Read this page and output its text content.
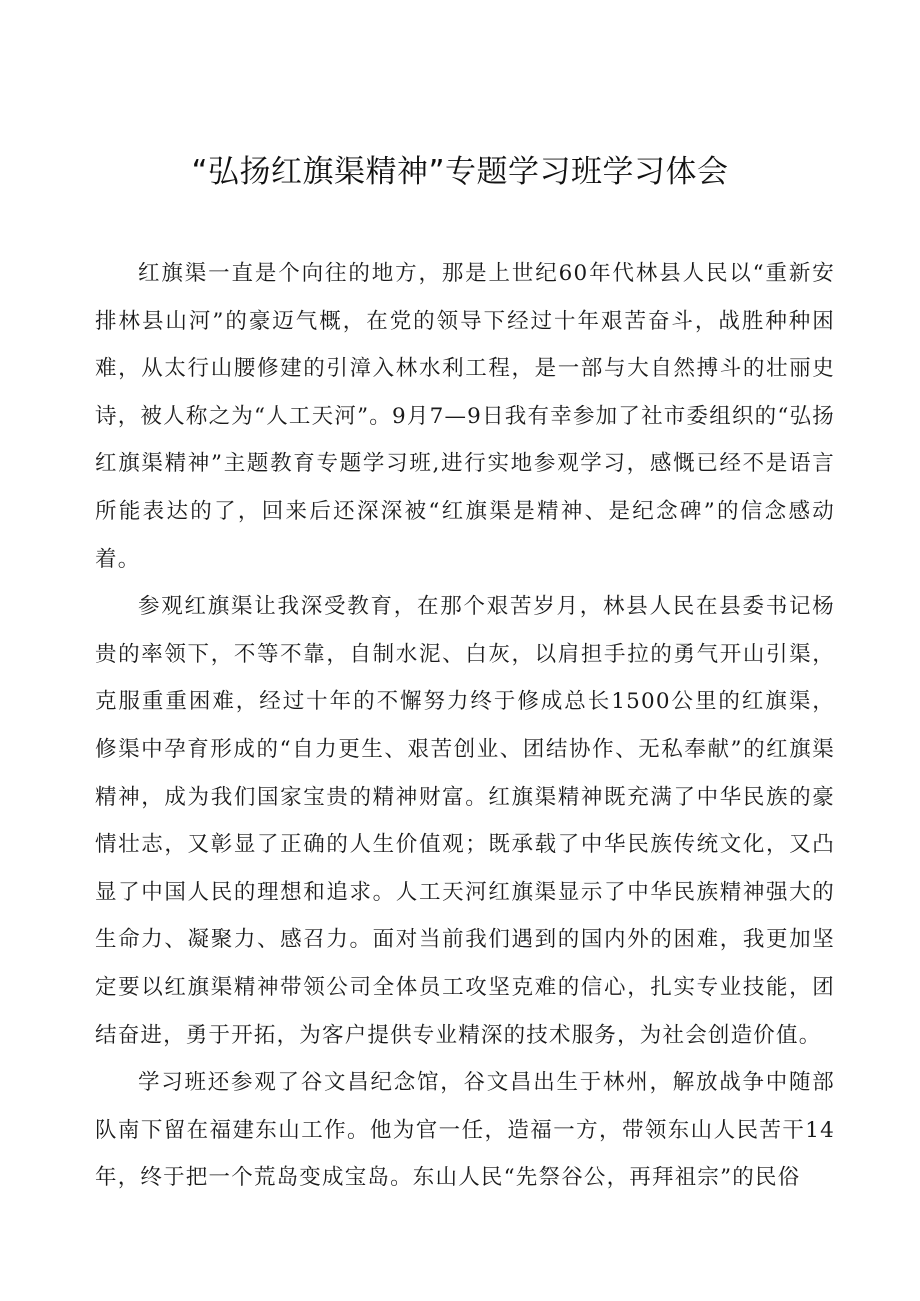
“弘扬红旗渠精神”专题学习班学习体会

红旗渠一直是个向往的地方，那是上世纪60年代林县人民以“重新安排林县山河”的豪迈气概，在党的领导下经过十年艰苦奋斗，战胜种种困难，从太行山腰修建的引漳入林水利工程，是一部与大自然搏斗的壮丽史诗，被人称之为“人工天河”。9月7—9日我有幸参加了社市委组织的“弘扬红旗渠精神”主题教育专题学习班,进行实地参观学习，感慨已经不是语言所能表达的了，回来后还深深被“红旗渠是精神、是纪念碑”的信念感动着。

参观红旗渠让我深受教育，在那个艰苦岁月，林县人民在县委书记杨贵的率领下，不等不靠，自制水泥、白灰，以肩担手拉的勇气开山引渠，克服重重困难，经过十年的不懈努力终于修成总长1500公里的红旗渠，修渠中孕育形成的“自力更生、艰苦创业、团结协作、无私奉献”的红旗渠精神，成为我们国家宝贵的精神财富。红旗渠精神既充满了中华民族的豪情壮志，又彰显了正确的人生价值观；既承载了中华民族传统文化，又凸显了中国人民的理想和追求。人工天河红旗渠显示了中华民族精神强大的生命力、凝聚力、感召力。面对当前我们遇到的国内外的困难，我更加坚定要以红旗渠精神带领公司全体员工攻坚克难的信心，扎实专业技能，团结奋进，勇于开拓，为客户提供专业精深的技术服务，为社会创造价值。

学习班还参观了谷文昌纪念馆，谷文昌出生于林州，解放战争中随部队南下留在福建东山工作。他为官一任，造福一方，带领东山人民苦干14年，终于把一个荒岛变成宝岛。东山人民“先祭谷公，再拜祖宗”的民俗
